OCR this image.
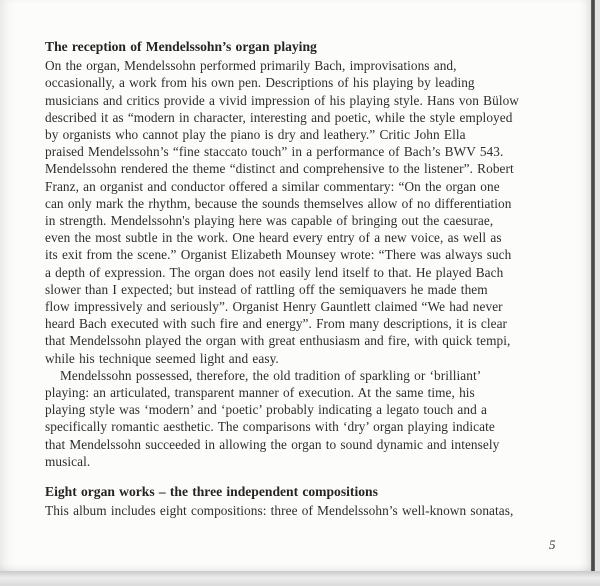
The reception of Mendelssohn’s organ playing

On the organ, Mendelssohn performed primarily Bach, improvisations and,
occasionally, a work from his own pen. Descriptions of his playing by leading
musicians and critics provide a vivid impression of his playing style. Hans von Bülow
described it as “modern in character, interesting and poetic, while the style employed
by organists who cannot play the piano is dry and leathery.” Critic John Ella
praised Mendelssohn’s “fine staccato touch” in a performance of Bach’s BWV 543.
Mendelssohn rendered the theme “distinct and comprehensive to the listener”. Robert
Franz, an organist and conductor offered a similar commentary: “On the organ one
can only mark the rhythm, because the sounds themselves allow of no differentiation
in strength. Mendelssohn's playing here was capable of bringing out the caesurae,
even the most subtle in the work. One heard every entry of a new voice, as well as
its exit from the scene.” Organist Elizabeth Mounsey wrote: “There was always such
a depth of expression. The organ does not easily lend itself to that. He played Bach
slower than I expected; but instead of rattling off the semiquavers he made them
flow impressively and seriously”. Organist Henry Gauntlett claimed “We had never
heard Bach executed with such fire and energy”. From many descriptions, it is clear
that Mendelssohn played the organ with great enthusiasm and fire, with quick tempi,
while his technique seemed light and easy.

Mendelssohn possessed, therefore, the old tradition of sparkling or ‘brilliant’
playing: an articulated, transparent manner of execution. At the same time, his
playing style was ‘modern’ and ‘poetic’ probably indicating a legato touch and a
specifically romantic aesthetic. The comparisons with ‘dry’ organ playing indicate
that Mendelssohn succeeded in allowing the organ to sound dynamic and intensely
musical.

Eight organ works – the three independent compositions

This album includes eight compositions: three of Mendelssohn’s well-known sonatas,

5
